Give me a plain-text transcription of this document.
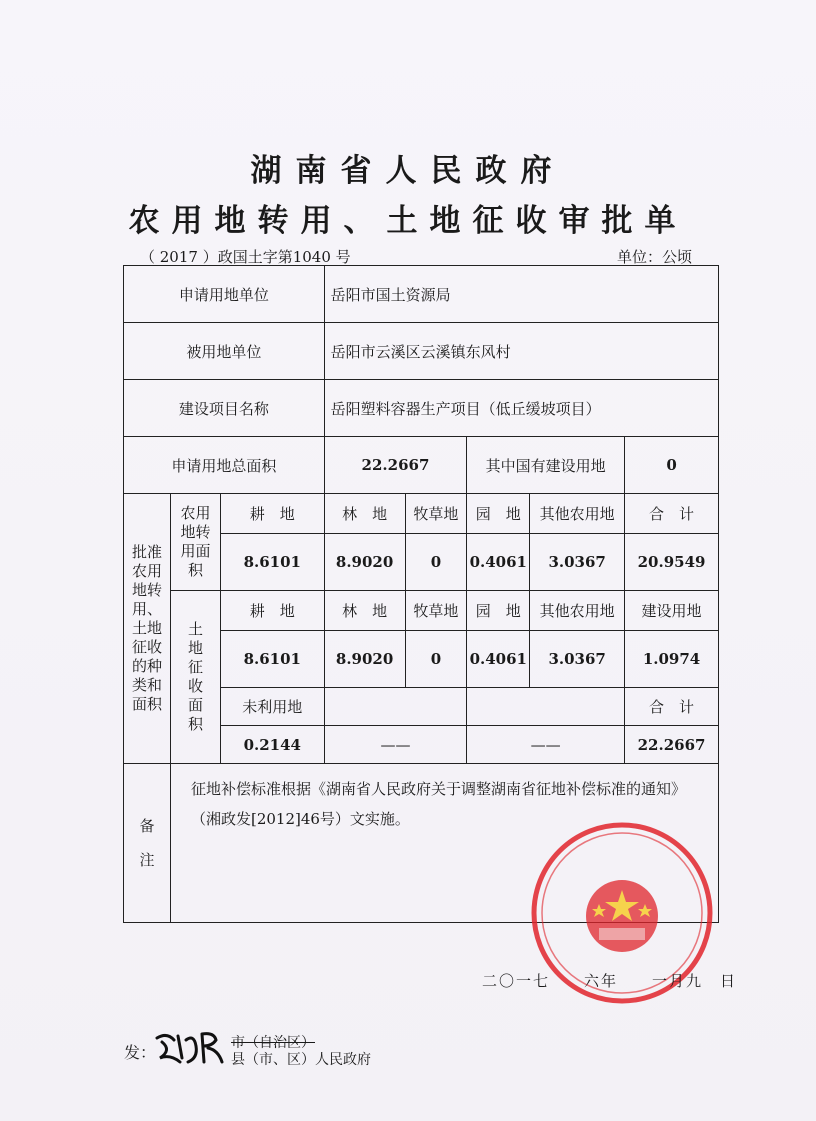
湖南省人民政府
农用地转用、土地征收审批单
（ 2017 ）政国土字第1040 号	单位：公顷
申请用地单位			岳阳市国土资源局				
被用地单位			岳阳市云溪区云溪镇东风村				
建设项目名称			岳阳塑料容器生产项目（低丘缓坡项目）				
申请用地总面积			22.2667		其中国有建设用地		0
批准农用地转用、土地征收的种类和面积	农用地转用面积	耕　地	林　地	牧草地	园　地	其他农用地	合　计
		8.6101	8.9020	0	0.4061	3.0367	20.9549
	土地征收面积	耕　地	林　地	牧草地	园　地	其他农用地	建设用地
		8.6101	8.9020	0	0.4061	3.0367	1.0974
		未利用地					合　计
		0.2144	——		——		22.2667
备注	征地补偿标准根据《湖南省人民政府关于调整湖南省征地补偿标准的通知》（湘政发[2012]46号）文实施。						
二〇一七　　六年　　一月九　日
发：	市（自治区）
县（市、区）人民政府
